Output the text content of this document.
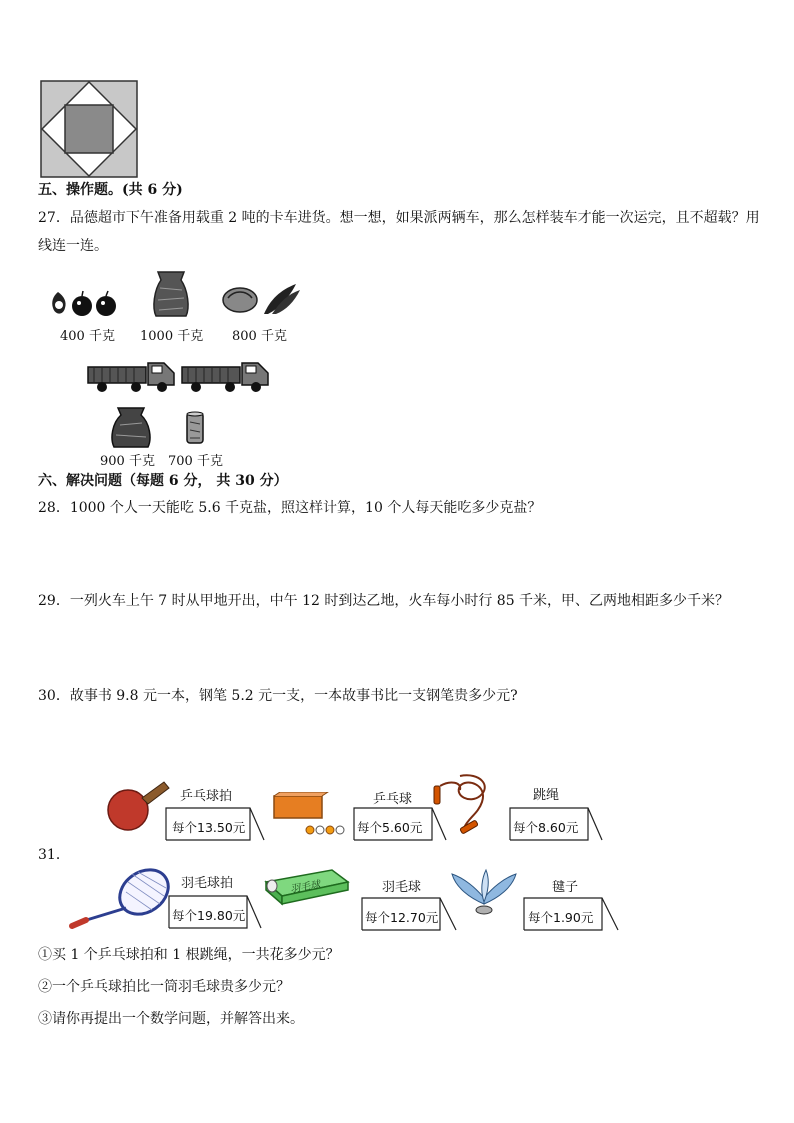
五、操作题。(共 6 分)
27．品德超市下午准备用载重 2 吨的卡车进货。想一想，如果派两辆车，那么怎样装车才能一次运完，且不超载？用
线连一连。
400 千克 1000 千克 800 千克
900 千克 700 千克
六、解决问题（每题 6 分， 共 30 分）
28．1000 个人一天能吃 5.6 千克盐，照这样计算，10 个人每天能吃多少克盐？
29．一列火车上午 7 时从甲地开出，中午 12 时到达乙地，火车每小时行 85 千米，甲、乙两地相距多少千米？
30．故事书 9.8 元一本，钢笔 5.2 元一支，一本故事书比一支钢笔贵多少元?
31．
乒乓球拍
每个13.50元
乒乓球
每个5.60元
跳绳
每个8.60元
羽毛球拍
每个19.80元
羽毛球	羽毛球
每个12.70元
毽子
每个1.90元
①买 1 个乒乓球拍和 1 根跳绳，一共花多少元？
②一个乒乓球拍比一筒羽毛球贵多少元？
③请你再提出一个数学问题，并解答出来。
